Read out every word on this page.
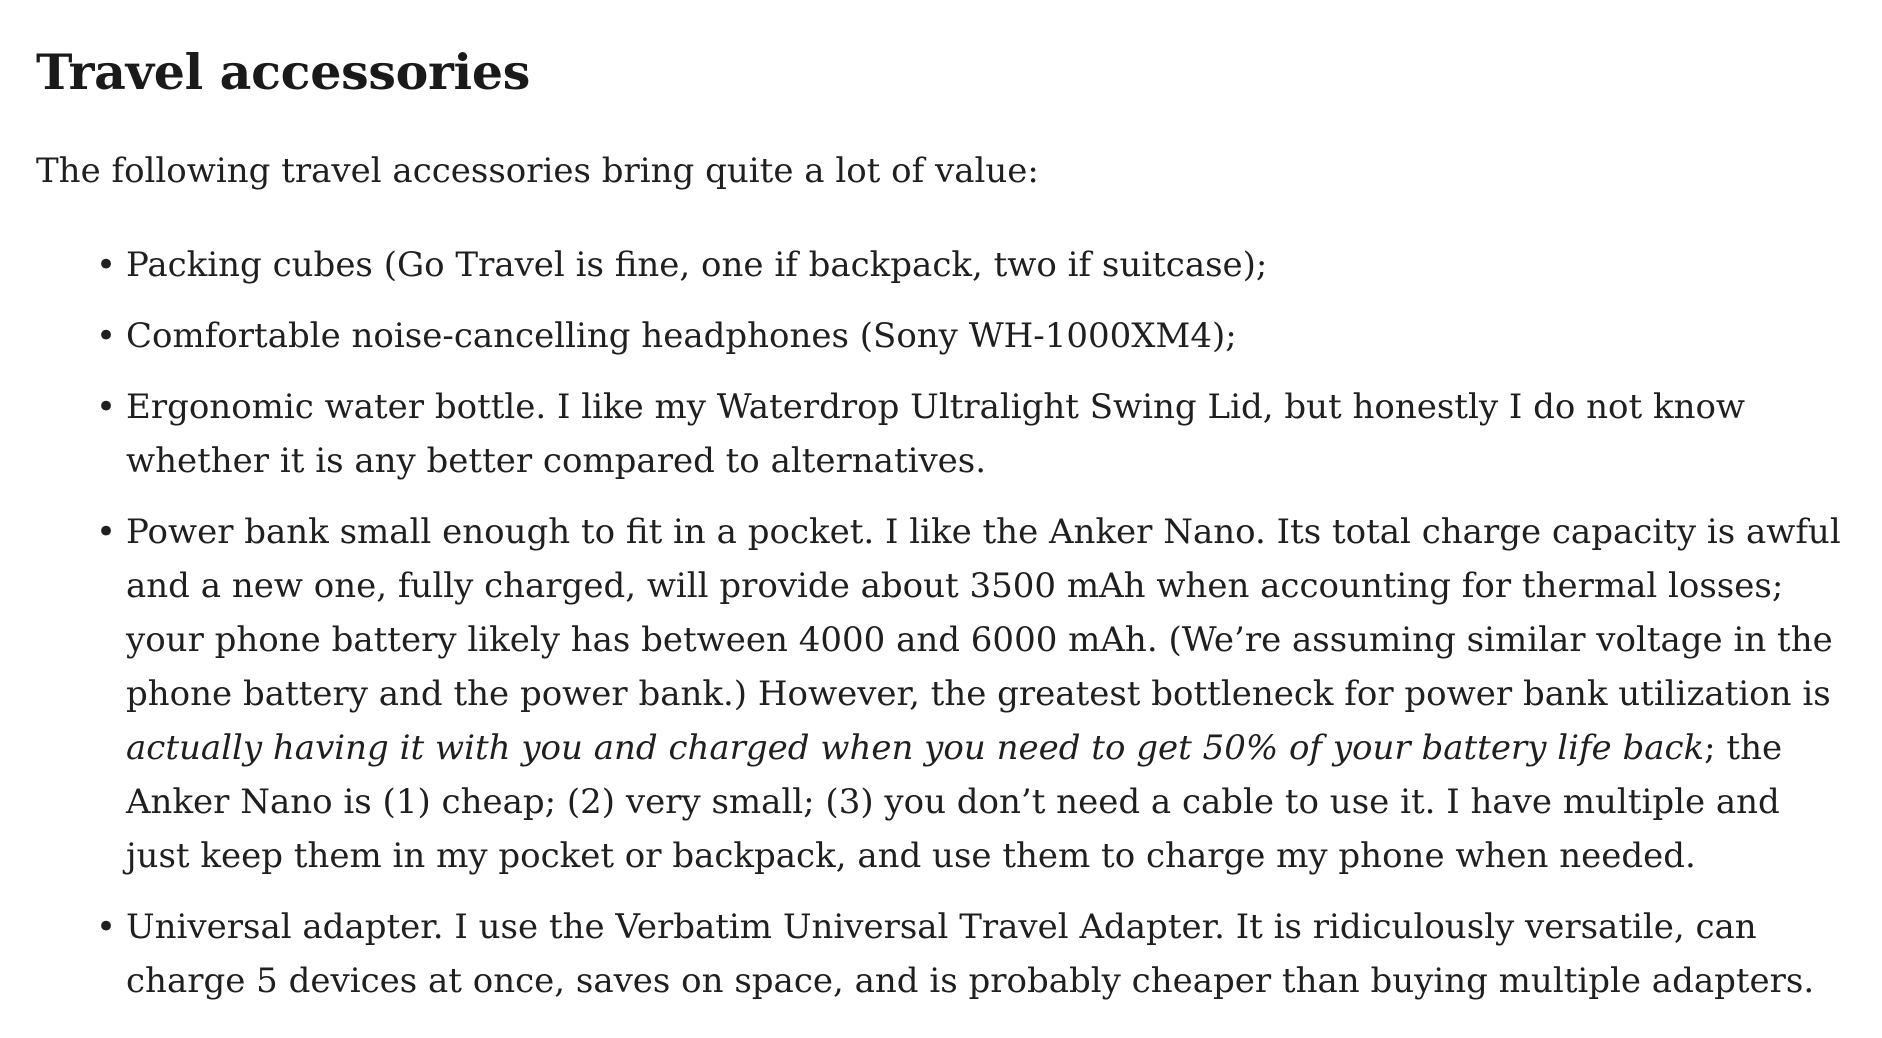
Travel accessories

The following travel accessories bring quite a lot of value:

• Packing cubes (Go Travel is fine, one if backpack, two if suitcase);
• Comfortable noise-cancelling headphones (Sony WH-1000XM4);
• Ergonomic water bottle. I like my Waterdrop Ultralight Swing Lid, but honestly I do not know whether it is any better compared to alternatives.
• Power bank small enough to fit in a pocket. I like the Anker Nano. Its total charge capacity is awful and a new one, fully charged, will provide about 3500 mAh when accounting for thermal losses; your phone battery likely has between 4000 and 6000 mAh. (We’re assuming similar voltage in the phone battery and the power bank.) However, the greatest bottleneck for power bank utilization is actually having it with you and charged when you need to get 50% of your battery life back; the Anker Nano is (1) cheap; (2) very small; (3) you don’t need a cable to use it. I have multiple and just keep them in my pocket or backpack, and use them to charge my phone when needed.
• Universal adapter. I use the Verbatim Universal Travel Adapter. It is ridiculously versatile, can charge 5 devices at once, saves on space, and is probably cheaper than buying multiple adapters.
